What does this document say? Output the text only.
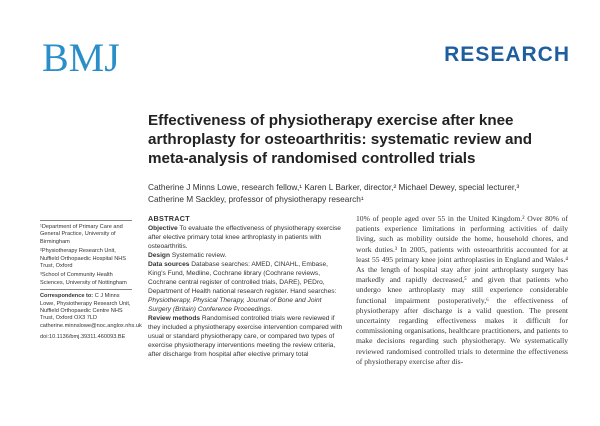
BMJ	RESEARCH
Effectiveness of physiotherapy exercise after knee arthroplasty for osteoarthritis: systematic review and meta-analysis of randomised controlled trials
Catherine J Minns Lowe, research fellow,¹ Karen L Barker, director,² Michael Dewey, special lecturer,³
Catherine M Sackley, professor of physiotherapy research¹

¹Department of Primary Care and General Practice, University of Birmingham

²Physiotherapy Research Unit, Nuffield Orthopaedic Hospital NHS Trust, Oxford

³School of Community Health Sciences, University of Nottingham

Correspondence to: C J Minns Lowe, Physiotherapy Research Unit, Nuffield Orthopaedic Centre NHS Trust, Oxford OX3 7LD catherine.minnslowe@noc.anglox.nhs.uk

doi:10.1136/bmj.39311.460093.BE

ABSTRACT
Objective To evaluate the effectiveness of physiotherapy exercise after elective primary total knee arthroplasty in patients with osteoarthritis.
Design Systematic review.
Data sources Database searches: AMED, CINAHL, Embase, King's Fund, Medline, Cochrane library (Cochrane reviews, Cochrane central register of controlled trials, DARE), PEDro, Department of Health national research register. Hand searches: Physiotherapy, Physical Therapy, Journal of Bone and Joint Surgery (Britain) Conference Proceedings.
Review methods Randomised controlled trials were reviewed if they included a physiotherapy exercise intervention compared with usual or standard physiotherapy care, or compared two types of exercise physiotherapy interventions meeting the review criteria, after discharge from hospital after elective primary total

10% of people aged over 55 in the United Kingdom.² Over 80% of patients experience limitations in performing activities of daily living, such as mobility outside the home, household chores, and work duties.³ In 2005, patients with osteoarthritis accounted for at least 55 495 primary knee joint arthroplasties in England and Wales.⁴ As the length of hospital stay after joint arthroplasty surgery has markedly and rapidly decreased,⁵ and given that patients who undergo knee arthroplasty may still experience considerable functional impairment postoperatively,⁶ the effectiveness of physiotherapy after discharge is a valid question. The present uncertainty regarding effectiveness makes it difficult for commissioning organisations, healthcare practitioners, and patients to make decisions regarding such physiotherapy. We systematically reviewed randomised controlled trials to determine the effectiveness of physiotherapy exercise after dis-
